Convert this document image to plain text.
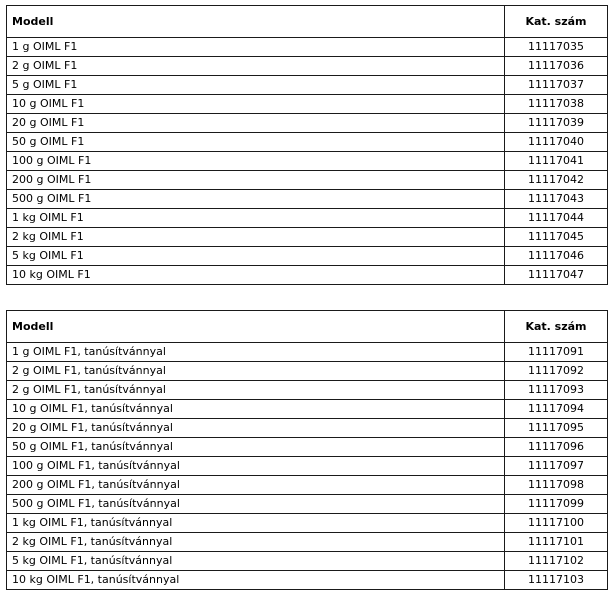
Modell	Kat. szám
1 g OIML F1	11117035
2 g OIML F1	11117036
5 g OIML F1	11117037
10 g OIML F1	11117038
20 g OIML F1	11117039
50 g OIML F1	11117040
100 g OIML F1	11117041
200 g OIML F1	11117042
500 g OIML F1	11117043
1 kg OIML F1	11117044
2 kg OIML F1	11117045
5 kg OIML F1	11117046
10 kg OIML F1	11117047
Modell	Kat. szám
1 g OIML F1, tanúsítvánnyal	11117091
2 g OIML F1, tanúsítvánnyal	11117092
2 g OIML F1, tanúsítvánnyal	11117093
10 g OIML F1, tanúsítvánnyal	11117094
20 g OIML F1, tanúsítvánnyal	11117095
50 g OIML F1, tanúsítvánnyal	11117096
100 g OIML F1, tanúsítvánnyal	11117097
200 g OIML F1, tanúsítvánnyal	11117098
500 g OIML F1, tanúsítvánnyal	11117099
1 kg OIML F1, tanúsítvánnyal	11117100
2 kg OIML F1, tanúsítvánnyal	11117101
5 kg OIML F1, tanúsítvánnyal	11117102
10 kg OIML F1, tanúsítvánnyal	11117103
